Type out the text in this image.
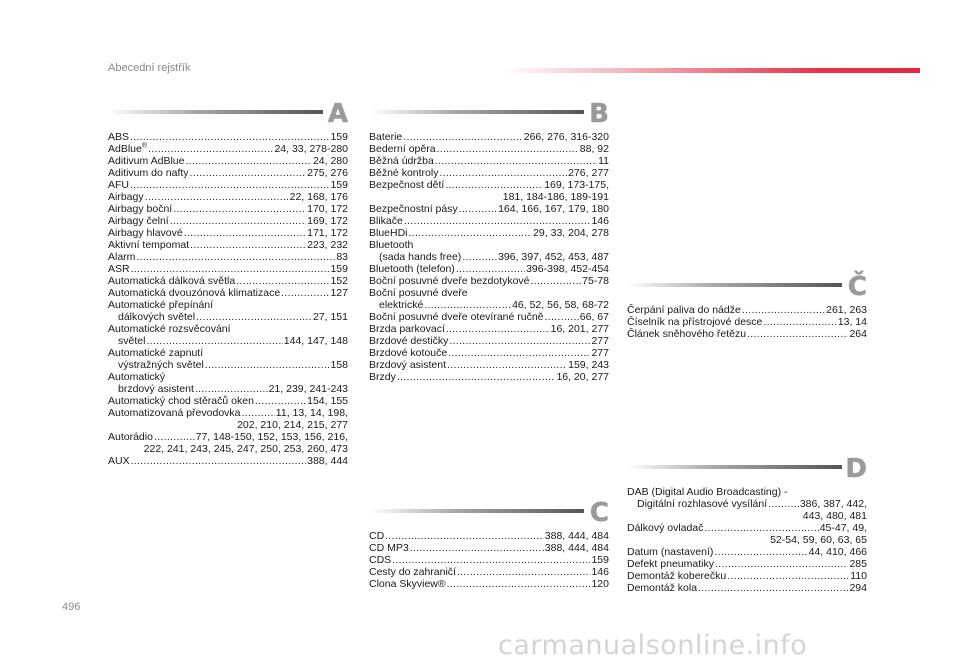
Abecední rejstřík
A
ABS .....	159
AdBlue® .....	24, 33, 278-280
Aditivum AdBlue .....	24, 280
Aditivum do nafty .....	275, 276
AFU .....	159
Airbagy .....	22, 168, 176
Airbagy boční .....	170, 172
Airbagy čelní .....	169, 172
Airbagy hlavové .....	171, 172
Aktivní tempomat .....	223, 232
Alarm .....	83
ASR .....	159
Automatická dálková světla .....	152
Automatická dvouzónová klimatizace .....	127
Automatické přepínání
dálkových světel .....	27, 151
Automatické rozsvěcování
světel .....	144, 147, 148
Automatické zapnutí
výstražných světel .....	158
Automatický
brzdový asistent .....	21, 239, 241-243
Automatický chod stěračů oken .....	154, 155
Automatizovaná převodovka .....	11, 13, 14, 198,
202, 210, 214, 215, 277
Autorádio .....	77, 148-150, 152, 153, 156, 216,
222, 241, 243, 245, 247, 250, 253, 260, 473
AUX .....	388, 444
B
Baterie .....	266, 276, 316-320
Bederní opěra .....	88, 92
Běžná údržba .....	11
Běžné kontroly .....	276, 277
Bezpečnost dětí .....	169, 173-175,
181, 184-186, 189-191
Bezpečnostní pásy .....	164, 166, 167, 179, 180
Blikače .....	146
BlueHDi .....	29, 33, 204, 278
Bluetooth
(sada hands free) .....	396, 397, 452, 453, 487
Bluetooth (telefon) .....	396-398, 452-454
Boční posuvné dveře bezdotykové .....	75-78
Boční posuvné dveře
elektrické .....	46, 52, 56, 58, 68-72
Boční posuvné dveře otevírané ručně .....	66, 67
Brzda parkovací .....	16, 201, 277
Brzdové destičky .....	277
Brzdové kotouče .....	277
Brzdový asistent .....	159, 243
Brzdy .....	16, 20, 277
C
CD .....	388, 444, 484
CD MP3 .....	388, 444, 484
CDS .....	159
Cesty do zahraničí .....	146
Clona Skyview® .....	120
Č
Čerpání paliva do nádže .....	261, 263
Číselník na přístrojové desce .....	13, 14
Článek sněhového řetězu .....	264
D
DAB (Digital Audio Broadcasting) -
Digitální rozhlasové vysílání .....	386, 387, 442,
443, 480, 481
Dálkový ovladač .....	45-47, 49,
52-54, 59, 60, 63, 65
Datum (nastavení) .....	44, 410, 466
Defekt pneumatiky .....	285
Demontáž koberečku .....	110
Demontáž kola .....	294
496
carmanualsonline.info
